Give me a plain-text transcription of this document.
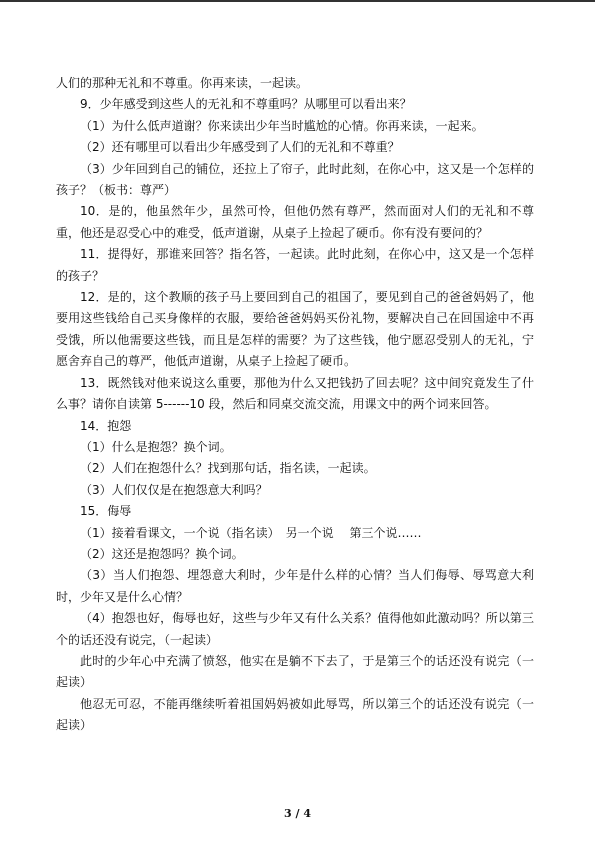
人们的那种无礼和不尊重。你再来读，一起读。

9．少年感受到这些人的无礼和不尊重吗？从哪里可以看出来？

（1）为什么低声道谢？你来读出少年当时尴尬的心情。你再来读，一起来。

（2）还有哪里可以看出少年感受到了人们的无礼和不尊重？

（3）少年回到自己的铺位，还拉上了帘子，此时此刻，在你心中，这又是一个怎样的孩子？（板书：尊严）

10．是的，他虽然年少，虽然可怜，但他仍然有尊严，然而面对人们的无礼和不尊重，他还是忍受心中的难受，低声道谢，从桌子上捡起了硬币。你有没有要问的？

11．提得好，那谁来回答？指名答，一起读。此时此刻，在你心中，这又是一个怎样的孩子？

12．是的，这个教顺的孩子马上要回到自己的祖国了，要见到自己的爸爸妈妈了，他要用这些钱给自己买身像样的衣服，要给爸爸妈妈买份礼物，要解决自己在回国途中不再受饿，所以他需要这些钱，而且是怎样的需要？为了这些钱，他宁愿忍受别人的无礼，宁愿舍弃自己的尊严，他低声道谢，从桌子上捡起了硬币。

13．既然钱对他来说这么重要，那他为什么又把钱扔了回去呢？这中间究竟发生了什么事？请你自读第 5------10 段，然后和同桌交流交流，用课文中的两个词来回答。

14．抱怨

（1）什么是抱怨？换个词。

（2）人们在抱怨什么？找到那句话，指名读，一起读。

（3）人们仅仅是在抱怨意大利吗？

15．侮辱

（1）接着看课文，一个说（指名读）　另一个说　 第三个说……

（2）这还是抱怨吗？换个词。

（3）当人们抱怨、埋怨意大利时，少年是什么样的心情？当人们侮辱、辱骂意大利时，少年又是什么心情？

（4）抱怨也好，侮辱也好，这些与少年又有什么关系？值得他如此激动吗？所以第三个的话还没有说完，（一起读）

此时的少年心中充满了愤怒，他实在是躺不下去了，于是第三个的话还没有说完（一起读）

他忍无可忍，不能再继续听着祖国妈妈被如此辱骂，所以第三个的话还没有说完（一起读）

3 / 4
